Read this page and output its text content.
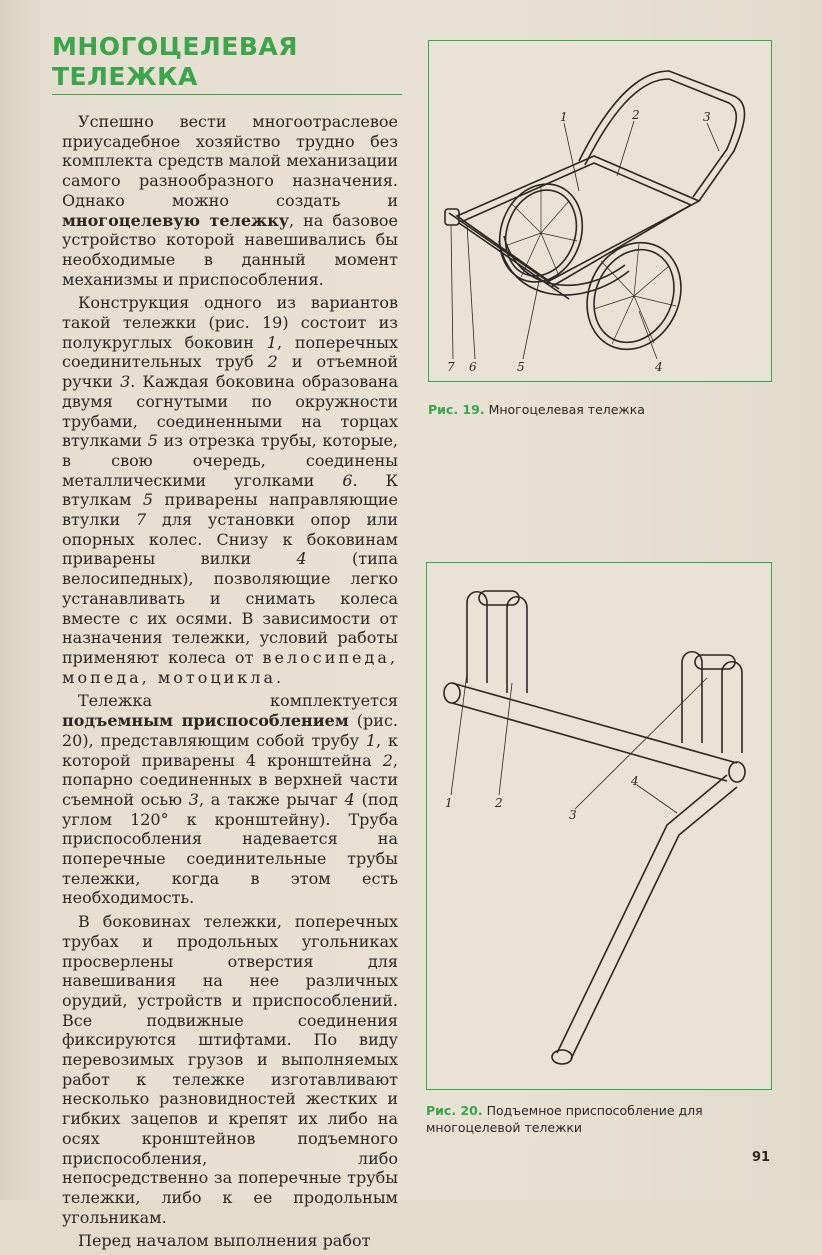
МНОГОЦЕЛЕВАЯ
ТЕЛЕЖКА

 Успешно вести многоотраслевое приусадебное хозяйство трудно без комплекта средств малой механизации самого разнообразного назначения. Однако можно создать и многоцелевую тележку, на базовое устройство которой навешивались бы необходимые в данный момент механизмы и приспособления.

 Конструкция одного из вариантов такой тележки (рис. 19) состоит из полукруглых боковин 1, поперечных соединительных труб 2 и отъемной ручки 3. Каждая боковина образована двумя согнутыми по окружности трубами, соединенными на торцах втулками 5 из отрезка трубы, которые, в свою очередь, соединены металлическими уголками 6. К втулкам 5 приварены направляющие втулки 7 для установки опор или опорных колес. Снизу к боковинам приварены вилки 4 (типа велосипедных), позволяющие легко устанавливать и снимать колеса вместе с их осями. В зависимости от назначения тележки, условий работы применяют колеса от велосипеда, мопеда, мотоцикла.

 Тележка комплектуется подъемным приспособлением (рис. 20), представляющим собой трубу 1, к которой приварены 4 кронштейна 2, попарно соединенных в верхней части съемной осью 3, а также рычаг 4 (под углом 120° к кронштейну). Труба приспособления надевается на поперечные соединительные трубы тележки, когда в этом есть необходимость.

 В боковинах тележки, поперечных трубах и продольных угольниках просверлены отверстия для навешивания на нее различных орудий, устройств и приспособлений. Все подвижные соединения фиксируются штифтами. По виду перевозимых грузов и выполняемых работ к тележке изготавливают несколько разновидностей жестких и гибких зацепов и крепят их либо на осях кронштейнов подъемного приспособления, либо непосредственно за поперечные трубы тележки, либо к ее продольным угольникам.

 Перед началом выполнения работ

1	2	3
4
5
6
7
Рис. 19. Многоцелевая тележка
1	2
3
4
Рис. 20. Подъемное приспособление для многоцелевой тележки
91
